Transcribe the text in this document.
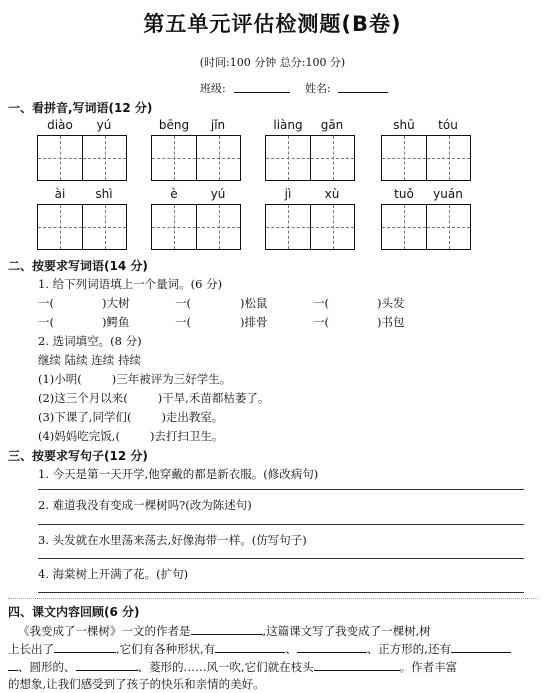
第五单元评估检测题(B卷)
(时间:100 分钟 总分:100 分)
班级:	姓名:
一、看拼音,写词语(12 分)
diào	yú	bēng	jǐn	liàng	gān	shū	tóu
ài	shì	è	yú	jì	xù	tuǒ	yuán
二、按要求写词语(14 分)
1. 给下列词语填上一个量词。(6 分)
一(	)大树	一(	)松鼠	一(	)头发
一(	)鳄鱼	一(	)排骨	一(	)书包
2. 选词填空。(8 分)
继续 陆续 连续 持续
(1)小明(	)三年被评为三好学生。
(2)这三个月以来(	)干旱,禾苗都枯萎了。
(3)下课了,同学们(	)走出教室。
(4)妈妈吃完饭,(	)去打扫卫生。
三、按要求写句子(12 分)
1. 今天是第一天开学,他穿戴的都是新衣服。(修改病句)
2. 难道我没有变成一棵树吗?(改为陈述句)
3. 头发就在水里荡来荡去,好像海带一样。(仿写句子)
4. 海棠树上开满了花。(扩句)
四、课文内容回顾(6 分)
《我变成了一棵树》一文的作者是	,这篇课文写了我变成了一棵树,树
上长出了	,它们有各种形状,有	、	、正方形的,还有
、圆形的、	、菱形的……风一吹,它们就在枝头	。作者丰富
的想象,让我们感受到了孩子的快乐和亲情的美好。
